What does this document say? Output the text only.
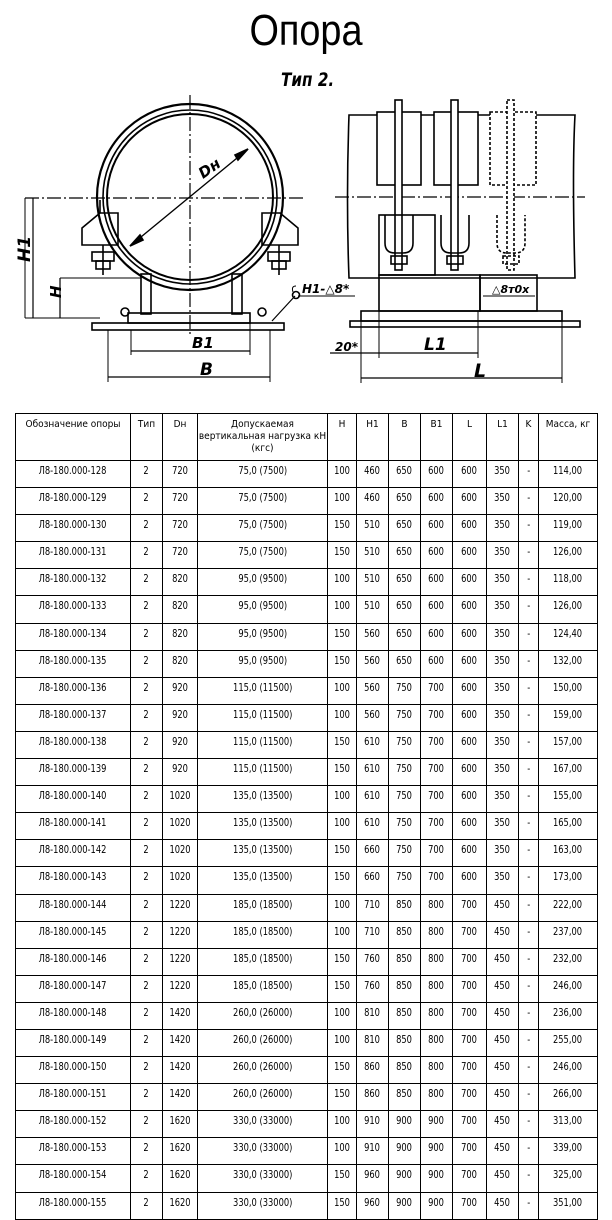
Опора
Тип 2.
Dн
H1
H
B1
B
H1-△8*	△8т0х
20*	L1
L
Обозначение опоры	Тип	Dн	Допускаемая вертикальная нагрузка кН (кгс)	H	H1	B	B1	L	L1	K	Масса, кг
Л8-180.000-128	2	720	75,0 (7500)	100	460	650	600	600	350	-	114,00
Л8-180.000-129	2	720	75,0 (7500)	100	460	650	600	600	350	-	120,00
Л8-180.000-130	2	720	75,0 (7500)	150	510	650	600	600	350	-	119,00
Л8-180.000-131	2	720	75,0 (7500)	150	510	650	600	600	350	-	126,00
Л8-180.000-132	2	820	95,0 (9500)	100	510	650	600	600	350	-	118,00
Л8-180.000-133	2	820	95,0 (9500)	100	510	650	600	600	350	-	126,00
Л8-180.000-134	2	820	95,0 (9500)	150	560	650	600	600	350	-	124,40
Л8-180.000-135	2	820	95,0 (9500)	150	560	650	600	600	350	-	132,00
Л8-180.000-136	2	920	115,0 (11500)	100	560	750	700	600	350	-	150,00
Л8-180.000-137	2	920	115,0 (11500)	100	560	750	700	600	350	-	159,00
Л8-180.000-138	2	920	115,0 (11500)	150	610	750	700	600	350	-	157,00
Л8-180.000-139	2	920	115,0 (11500)	150	610	750	700	600	350	-	167,00
Л8-180.000-140	2	1020	135,0 (13500)	100	610	750	700	600	350	-	155,00
Л8-180.000-141	2	1020	135,0 (13500)	100	610	750	700	600	350	-	165,00
Л8-180.000-142	2	1020	135,0 (13500)	150	660	750	700	600	350	-	163,00
Л8-180.000-143	2	1020	135,0 (13500)	150	660	750	700	600	350	-	173,00
Л8-180.000-144	2	1220	185,0 (18500)	100	710	850	800	700	450	-	222,00
Л8-180.000-145	2	1220	185,0 (18500)	100	710	850	800	700	450	-	237,00
Л8-180.000-146	2	1220	185,0 (18500)	150	760	850	800	700	450	-	232,00
Л8-180.000-147	2	1220	185,0 (18500)	150	760	850	800	700	450	-	246,00
Л8-180.000-148	2	1420	260,0 (26000)	100	810	850	800	700	450	-	236,00
Л8-180.000-149	2	1420	260,0 (26000)	100	810	850	800	700	450	-	255,00
Л8-180.000-150	2	1420	260,0 (26000)	150	860	850	800	700	450	-	246,00
Л8-180.000-151	2	1420	260,0 (26000)	150	860	850	800	700	450	-	266,00
Л8-180.000-152	2	1620	330,0 (33000)	100	910	900	900	700	450	-	313,00
Л8-180.000-153	2	1620	330,0 (33000)	100	910	900	900	700	450	-	339,00
Л8-180.000-154	2	1620	330,0 (33000)	150	960	900	900	700	450	-	325,00
Л8-180.000-155	2	1620	330,0 (33000)	150	960	900	900	700	450	-	351,00
